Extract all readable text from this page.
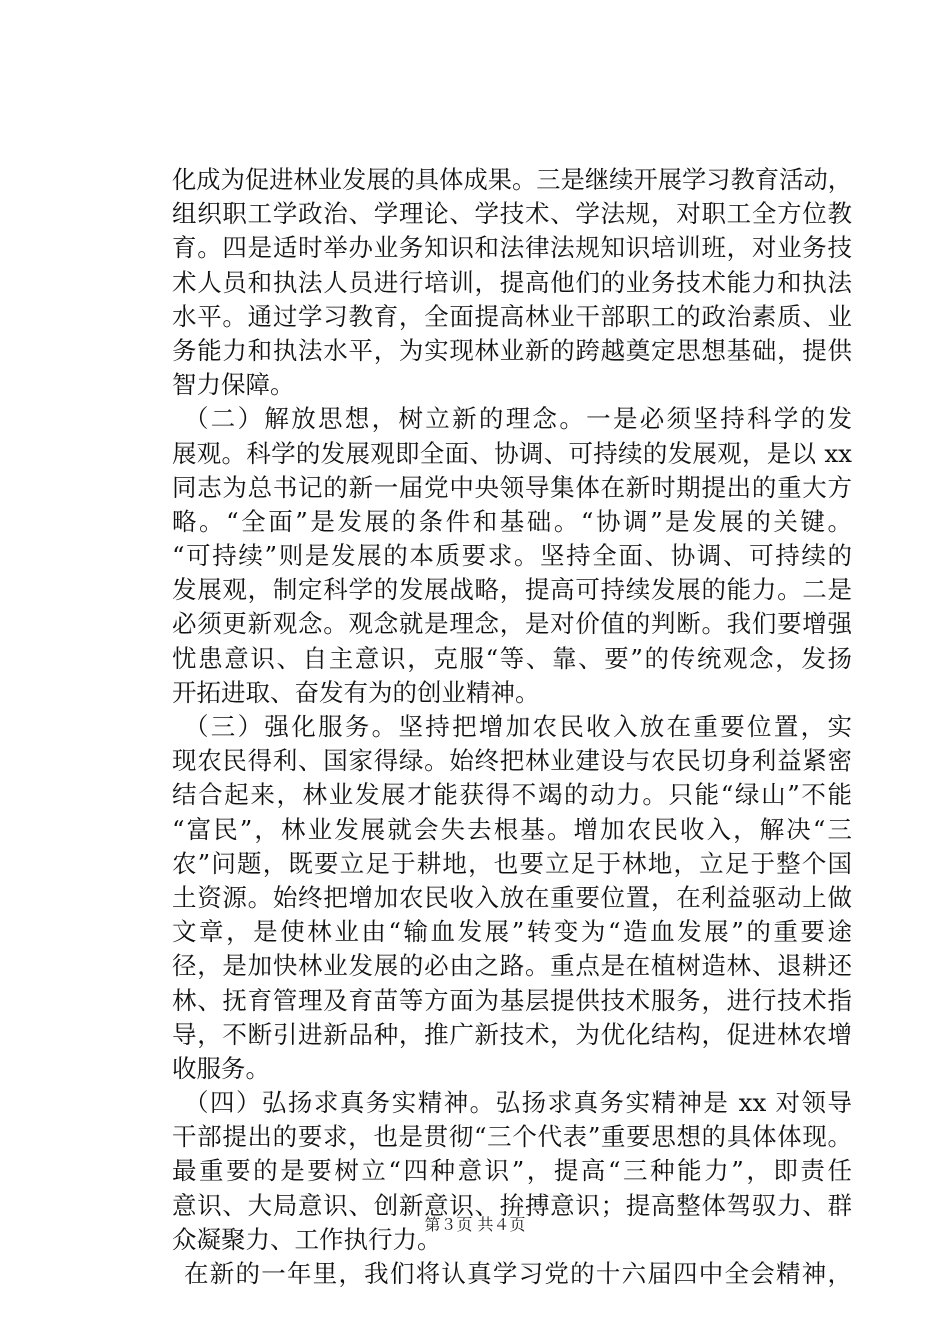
化成为促进林业发展的具体成果。三是继续开展学习教育活动，
组织职工学政治、学理论、学技术、学法规，对职工全方位教
育。四是适时举办业务知识和法律法规知识培训班，对业务技
术人员和执法人员进行培训，提高他们的业务技术能力和执法
水平。通过学习教育，全面提高林业干部职工的政治素质、业
务能力和执法水平，为实现林业新的跨越奠定思想基础，提供
智力保障。
（二）解放思想，树立新的理念。一是必须坚持科学的发
展观。科学的发展观即全面、协调、可持续的发展观，是以 xx
同志为总书记的新一届党中央领导集体在新时期提出的重大方
略。“全面”是发展的条件和基础。“协调”是发展的关键。
“可持续”则是发展的本质要求。坚持全面、协调、可持续的
发展观，制定科学的发展战略，提高可持续发展的能力。二是
必须更新观念。观念就是理念，是对价值的判断。我们要增强
忧患意识、自主意识，克服“等、靠、要”的传统观念，发扬
开拓进取、奋发有为的创业精神。
（三）强化服务。坚持把增加农民收入放在重要位置，实
现农民得利、国家得绿。始终把林业建设与农民切身利益紧密
结合起来，林业发展才能获得不竭的动力。只能“绿山”不能
“富民”，林业发展就会失去根基。增加农民收入，解决“三
农”问题，既要立足于耕地，也要立足于林地，立足于整个国
土资源。始终把增加农民收入放在重要位置，在利益驱动上做
文章，是使林业由“输血发展”转变为“造血发展”的重要途
径，是加快林业发展的必由之路。重点是在植树造林、退耕还
林、抚育管理及育苗等方面为基层提供技术服务，进行技术指
导，不断引进新品种，推广新技术，为优化结构，促进林农增
收服务。
（四）弘扬求真务实精神。弘扬求真务实精神是 xx 对领导
干部提出的要求，也是贯彻“三个代表”重要思想的具体体现。
最重要的是要树立“四种意识”，提高“三种能力”，即责任
意识、大局意识、创新意识、拚搏意识；提高整体驾驭力、群
众凝聚力、工作执行力。
在新的一年里，我们将认真学习党的十六届四中全会精神，
第３页 共４页
